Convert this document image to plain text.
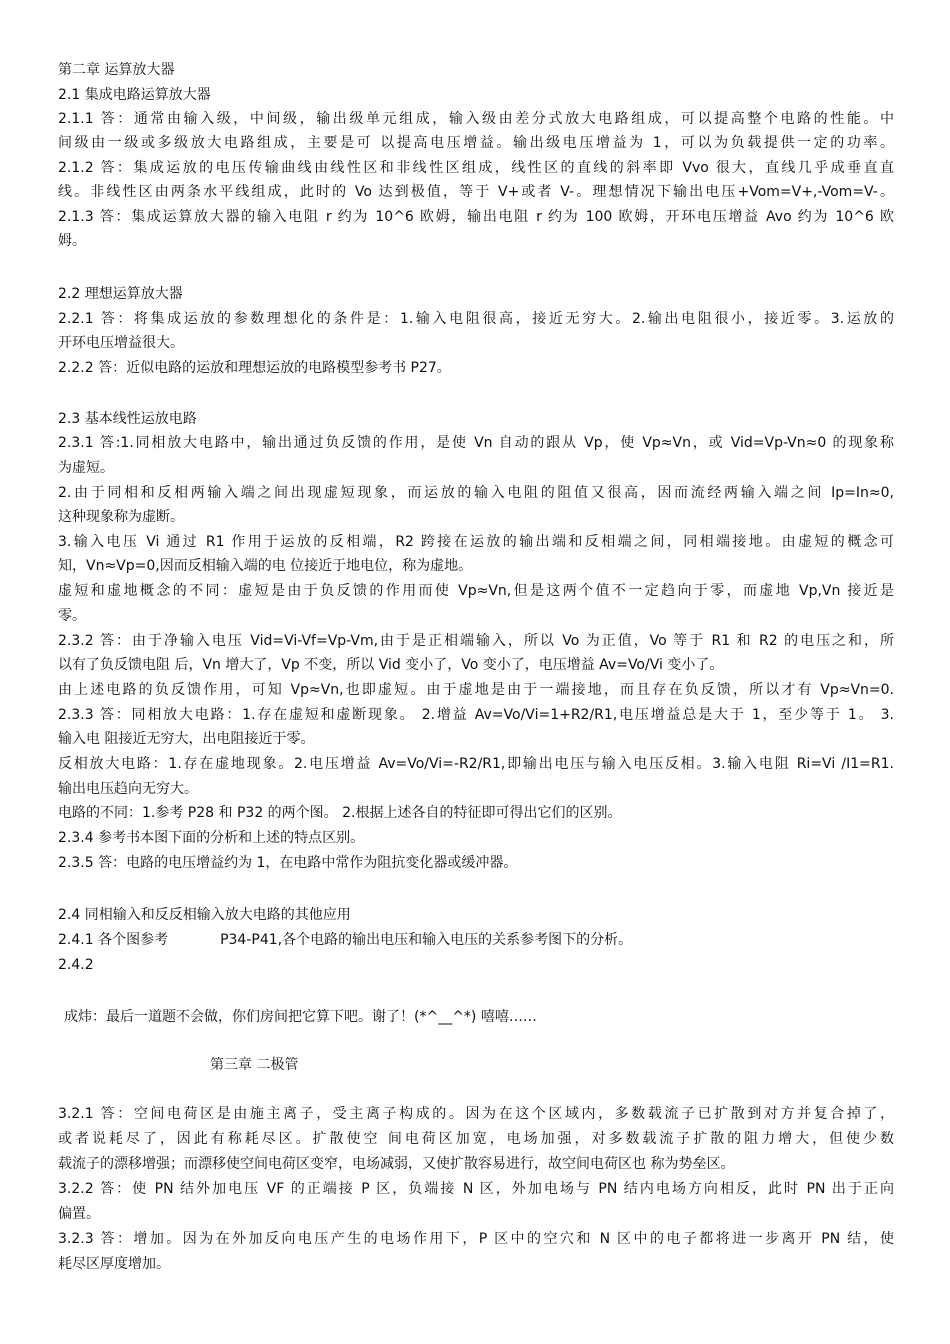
第二章 运算放大器
2.1 集成电路运算放大器
2.1.1 答：通常由输入级，中间级，输出级单元组成，输入级由差分式放大电路组成，可以提高整个电路的性能。中
间级由一级或多级放大电路组成，主要是可 以提高电压增益。输出级电压增益为 1，可以为负载提供一定的功率。
2.1.2 答：集成运放的电压传输曲线由线性区和非线性区组成，线性区的直线的斜率即 Vvo 很大，直线几乎成垂直直
线。非线性区由两条水平线组成，此时的 Vo 达到极值，等于 V+或者 V-。理想情况下输出电压+Vom=V+,-Vom=V-。
2.1.3 答：集成运算放大器的输入电阻 r 约为 10^6 欧姆，输出电阻 r 约为 100 欧姆，开环电压增益 Avo 约为 10^6 欧
姆。
2.2 理想运算放大器
2.2.1 答：将集成运放的参数理想化的条件是：1.输入电阻很高，接近无穷大。2.输出电阻很小，接近零。3.运放的
开环电压增益很大。
2.2.2 答：近似电路的运放和理想运放的电路模型参考书 P27。
2.3 基本线性运放电路
2.3.1 答:1.同相放大电路中，输出通过负反馈的作用，是使 Vn 自动的跟从 Vp，使 Vp≈Vn，或 Vid=Vp-Vn≈0 的现象称
为虚短。
2.由于同相和反相两输入端之间出现虚短现象，而运放的输入电阻的阻值又很高，因而流经两输入端之间 Ip=In≈0,
这种现象称为虚断。
3.输入电压 Vi 通过 R1 作用于运放的反相端，R2 跨接在运放的输出端和反相端之间，同相端接地。由虚短的概念可
知，Vn≈Vp=0,因而反相输入端的电 位接近于地电位，称为虚地。
虚短和虚地概念的不同：虚短是由于负反馈的作用而使 Vp≈Vn,但是这两个值不一定趋向于零，而虚地 Vp,Vn 接近是
零。
2.3.2 答：由于净输入电压 Vid=Vi-Vf=Vp-Vm,由于是正相端输入，所以 Vo 为正值，Vo 等于 R1 和 R2 的电压之和，所
以有了负反馈电阻 后，Vn 增大了，Vp 不变，所以 Vid 变小了，Vo 变小了，电压增益 Av=Vo/Vi 变小了。
由上述电路的负反馈作用，可知 Vp≈Vn,也即虚短。由于虚地是由于一端接地，而且存在负反馈，所以才有 Vp≈Vn=0.
2.3.3 答：同相放大电路：1.存在虚短和虚断现象。 2.增益 Av=Vo/Vi=1+R2/R1,电压增益总是大于 1，至少等于 1。 3.
输入电 阻接近无穷大，出电阻接近于零。
反相放大电路：1.存在虚地现象。2.电压增益 Av=Vo/Vi=-R2/R1,即输出电压与输入电压反相。3.输入电阻 Ri=Vi /I1=R1.
输出电压趋向无穷大。
电路的不同：1.参考 P28 和 P32 的两个图。 2.根据上述各自的特征即可得出它们的区别。
2.3.4 参考书本图下面的分析和上述的特点区别。
2.3.5 答：电路的电压增益约为 1，在电路中常作为阻抗变化器或缓冲器。
2.4 同相输入和反反相输入放大电路的其他应用
2.4.1 各个图参考	P34-P41,各个电路的输出电压和输入电压的关系参考图下的分析。
2.4.2
成炜：最后一道题不会做，你们房间把它算下吧。谢了！(*^__^*) 嘻嘻……
第三章 二极管
3.2.1 答：空间电荷区是由施主离子，受主离子构成的。因为在这个区域内，多数载流子已扩散到对方并复合掉了，
或者说耗尽了，因此有称耗尽区。扩散使空 间电荷区加宽，电场加强，对多数载流子扩散的阻力增大，但使少数
载流子的漂移增强；而漂移使空间电荷区变窄，电场减弱，又使扩散容易进行，故空间电荷区也 称为势垒区。
3.2.2 答：使 PN 结外加电压 VF 的正端接 P 区，负端接 N 区，外加电场与 PN 结内电场方向相反，此时 PN 出于正向
偏置。
3.2.3 答：增加。因为在外加反向电压产生的电场作用下，P 区中的空穴和 N 区中的电子都将进一步离开 PN 结，使
耗尽区厚度增加。
